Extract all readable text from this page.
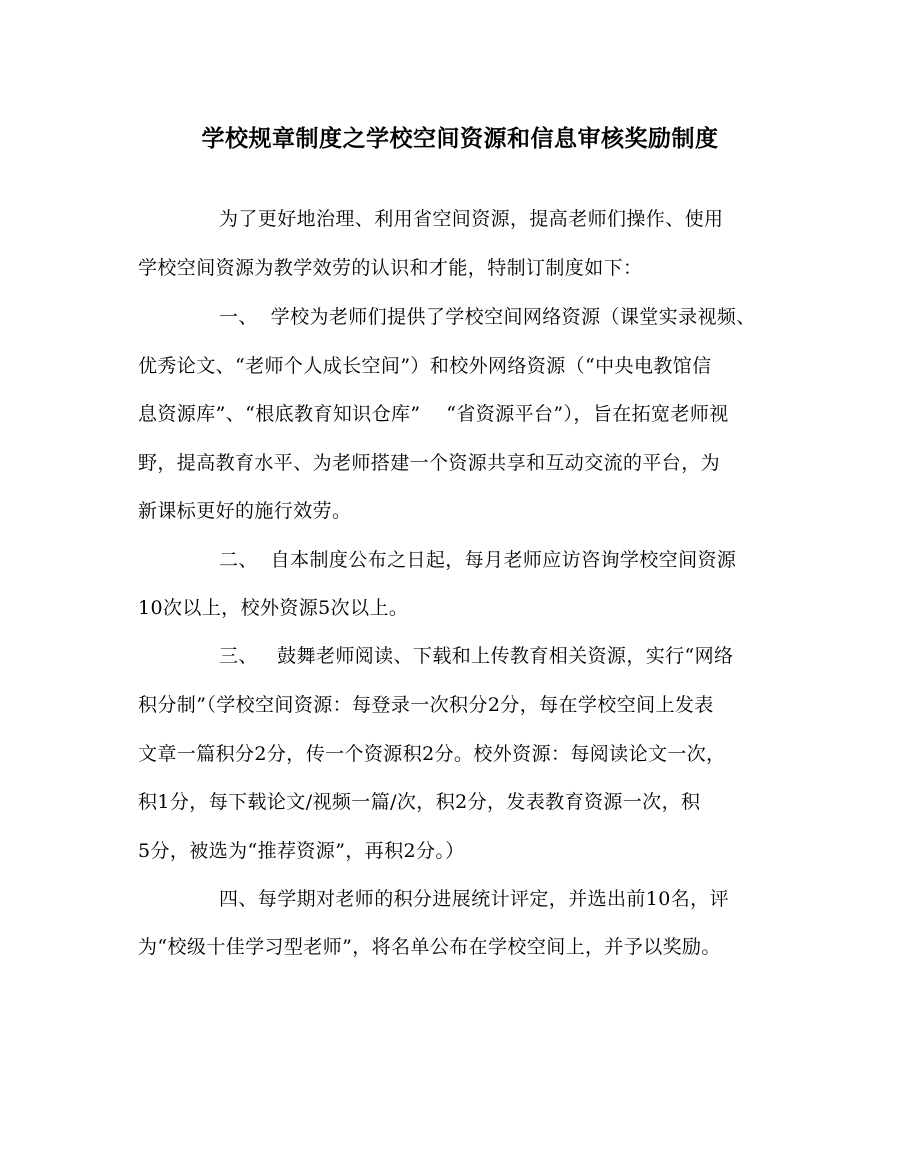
学校规章制度之学校空间资源和信息审核奖励制度
为了更好地治理、利用省空间资源，提高老师们操作、使用
学校空间资源为教学效劳的认识和才能，特制订制度如下：
一、  学校为老师们提供了学校空间网络资源（课堂实录视频、
优秀论文、“老师个人成长空间”）和校外网络资源（“中央电教馆信
息资源库”、“根底教育知识仓库”    “省资源平台”），旨在拓宽老师视
野，提高教育水平、为老师搭建一个资源共享和互动交流的平台，为
新课标更好的施行效劳。
二、  自本制度公布之日起，每月老师应访咨询学校空间资源
10次以上，校外资源5次以上。
三、   鼓舞老师阅读、下载和上传教育相关资源，实行“网络
积分制”（学校空间资源：每登录一次积分2分，每在学校空间上发表
文章一篇积分2分，传一个资源积2分。校外资源：每阅读论文一次，
积1分，每下载论文/视频一篇/次，积2分，发表教育资源一次，积
5分，被选为“推荐资源”，再积2分。）
四、每学期对老师的积分进展统计评定，并选出前10名，评
为“校级十佳学习型老师”，将名单公布在学校空间上，并予以奖励。
